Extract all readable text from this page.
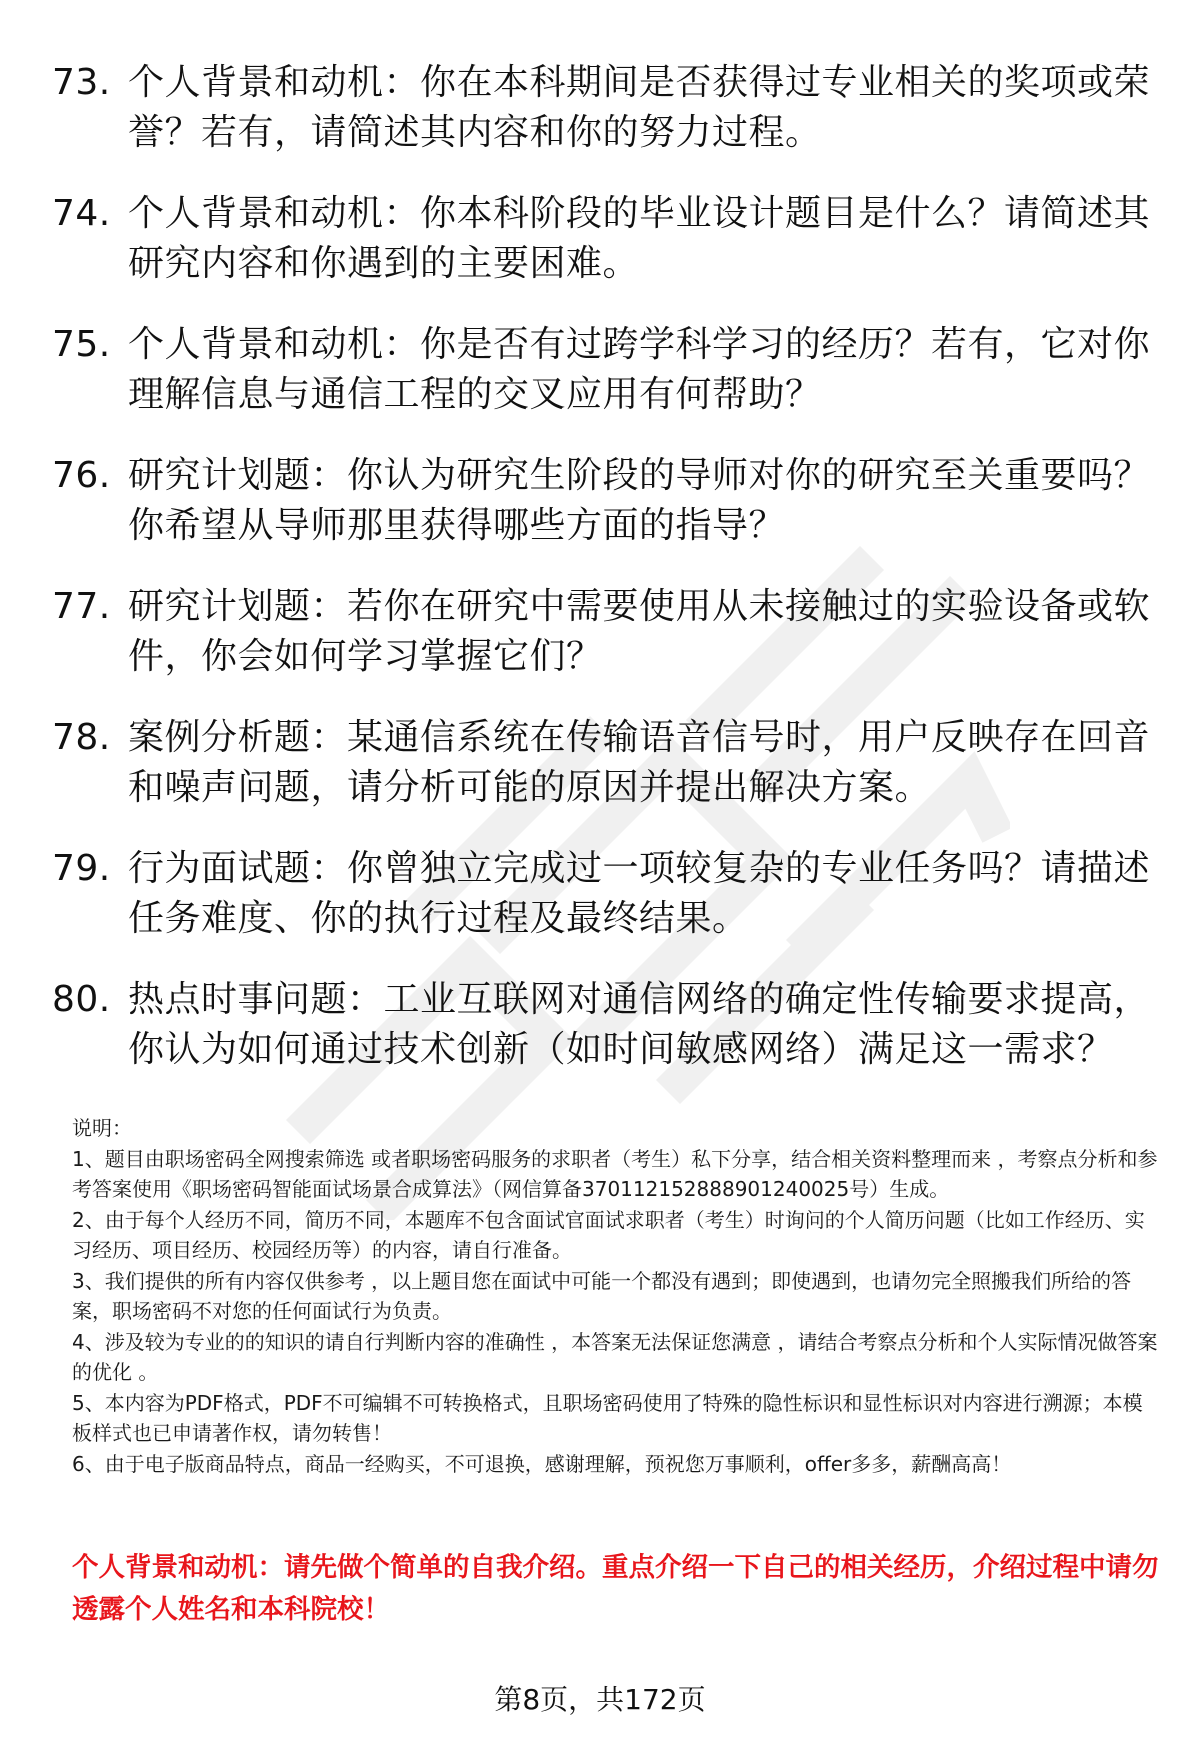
73. 个人背景和动机：你在本科期间是否获得过专业相关的奖项或荣誉？若有，请简述其内容和你的努力过程。
74. 个人背景和动机：你本科阶段的毕业设计题目是什么？请简述其研究内容和你遇到的主要困难。
75. 个人背景和动机：你是否有过跨学科学习的经历？若有，它对你理解信息与通信工程的交叉应用有何帮助？
76. 研究计划题：你认为研究生阶段的导师对你的研究至关重要吗？你希望从导师那里获得哪些方面的指导？
77. 研究计划题：若你在研究中需要使用从未接触过的实验设备或软件，你会如何学习掌握它们？
78. 案例分析题：某通信系统在传输语音信号时，用户反映存在回音和噪声问题，请分析可能的原因并提出解决方案。
79. 行为面试题：你曾独立完成过一项较复杂的专业任务吗？请描述任务难度、你的执行过程及最终结果。
80. 热点时事问题：工业互联网对通信网络的确定性传输要求提高，你认为如何通过技术创新（如时间敏感网络）满足这一需求？

说明：

1、题目由职场密码全网搜索筛选 或者职场密码服务的求职者（考生）私下分享，结合相关资料整理而来 ，考察点分析和参考答案使用《职场密码智能面试场景合成算法》（网信算备370112152888901240025号）生成。

2、由于每个人经历不同，简历不同，本题库不包含面试官面试求职者（考生）时询问的个人简历问题（比如工作经历、实习经历、项目经历、校园经历等）的内容，请自行准备。

3、我们提供的所有内容仅供参考 ，以上题目您在面试中可能一个都没有遇到；即使遇到，也请勿完全照搬我们所给的答案，职场密码不对您的任何面试行为负责。

4、涉及较为专业的的知识的请自行判断内容的准确性 ，本答案无法保证您满意 ，请结合考察点分析和个人实际情况做答案的优化 。

5、本内容为PDF格式，PDF不可编辑不可转换格式，且职场密码使用了特殊的隐性标识和显性标识对内容进行溯源；本模板样式也已申请著作权，请勿转售！

6、由于电子版商品特点，商品一经购买，不可退换，感谢理解，预祝您万事顺利，offer多多，薪酬高高！

个人背景和动机：请先做个简单的自我介绍。重点介绍一下自己的相关经历，介绍过程中请勿透露个人姓名和本科院校！
第8页，共172页
